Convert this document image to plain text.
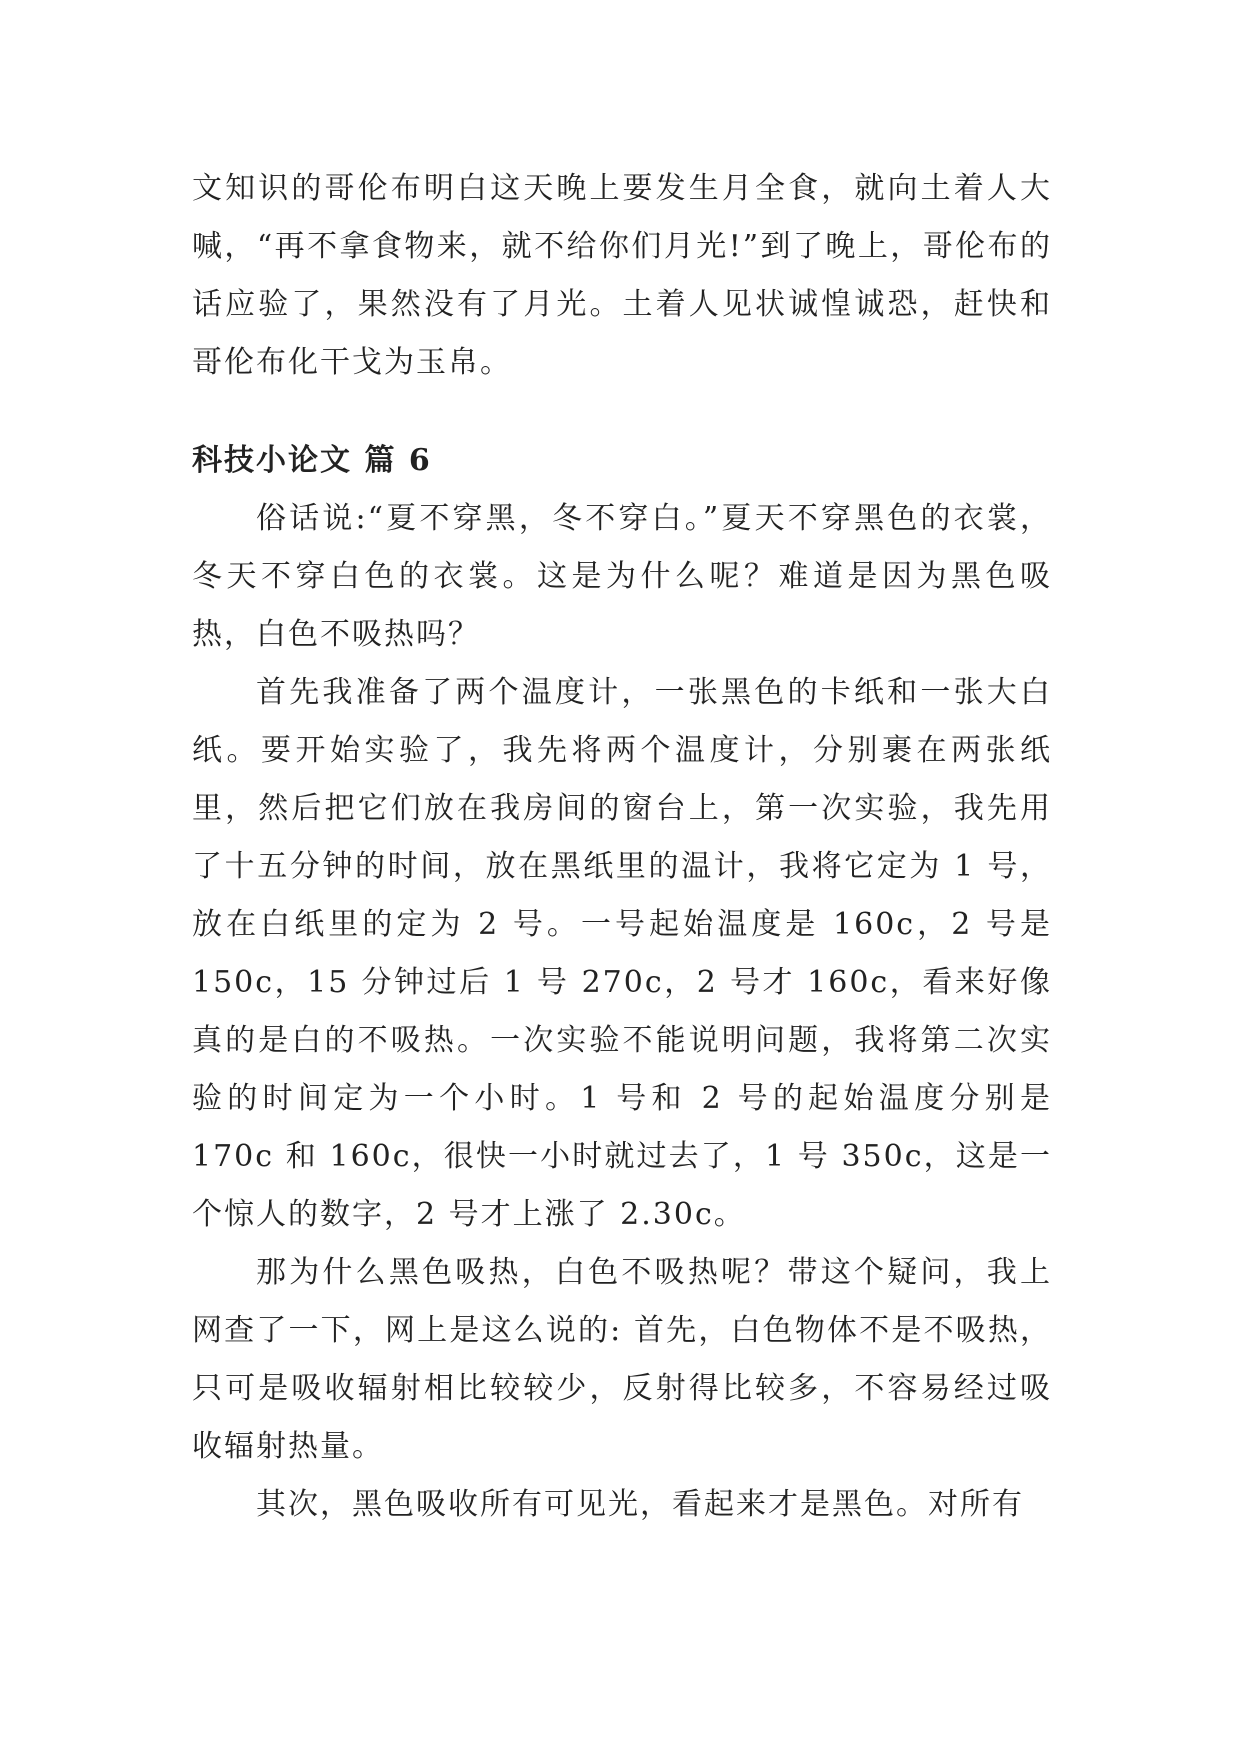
文知识的哥伦布明白这天晚上要发生月全食，就向土着人大喊，“再不拿食物来，就不给你们月光!”到了晚上，哥伦布的话应验了，果然没有了月光。土着人见状诚惶诚恐，赶快和哥伦布化干戈为玉帛。

科技小论文 篇 6

俗话说:“夏不穿黑，冬不穿白。”夏天不穿黑色的衣裳，冬天不穿白色的衣裳。这是为什么呢？难道是因为黑色吸热，白色不吸热吗？

首先我准备了两个温度计，一张黑色的卡纸和一张大白纸。要开始实验了，我先将两个温度计，分别裹在两张纸里，然后把它们放在我房间的窗台上，第一次实验，我先用了十五分钟的时间，放在黑纸里的温计，我将它定为 1 号，放在白纸里的定为 2 号。一号起始温度是 160c，2 号是 150c，15 分钟过后 1 号 270c，2 号才 160c，看来好像真的是白的不吸热。一次实验不能说明问题，我将第二次实验的时间定为一个小时。1 号和 2 号的起始温度分别是 170c 和 160c，很快一小时就过去了，1 号 350c，这是一个惊人的数字，2 号才上涨了 2.30c。

那为什么黑色吸热，白色不吸热呢？带这个疑问，我上网查了一下，网上是这么说的: 首先，白色物体不是不吸热，只可是吸收辐射相比较较少，反射得比较多，不容易经过吸收辐射热量。

其次，黑色吸收所有可见光，看起来才是黑色。对所有
